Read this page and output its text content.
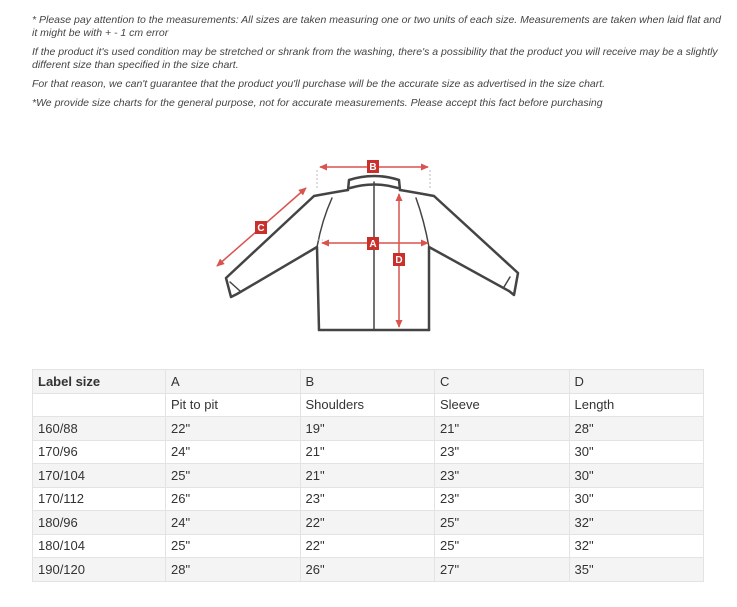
* Please pay attention to the measurements: All sizes are taken measuring one or two units of each size. Measurements are taken when laid flat and it might be with + - 1 cm error

If the product it's used condition may be stretched or shrank from the washing, there's a possibility that the product you will receive may be a slightly different size than specified in the size chart.

For that reason, we can't guarantee that the product you'll purchase will be the accurate size as advertised in the size chart.

*We provide size charts for the general purpose, not for accurate measurements. Please accept this fact before purchasing

B
C
A
D
Label size	A	B	C	D
	Pit to pit	Shoulders	Sleeve	Length
160/88	22"	19"	21"	28"
170/96	24"	21"	23"	30"
170/104	25"	21"	23"	30"
170/112	26"	23"	23"	30"
180/96	24"	22"	25"	32"
180/104	25"	22"	25"	32"
190/120	28"	26"	27"	35"
